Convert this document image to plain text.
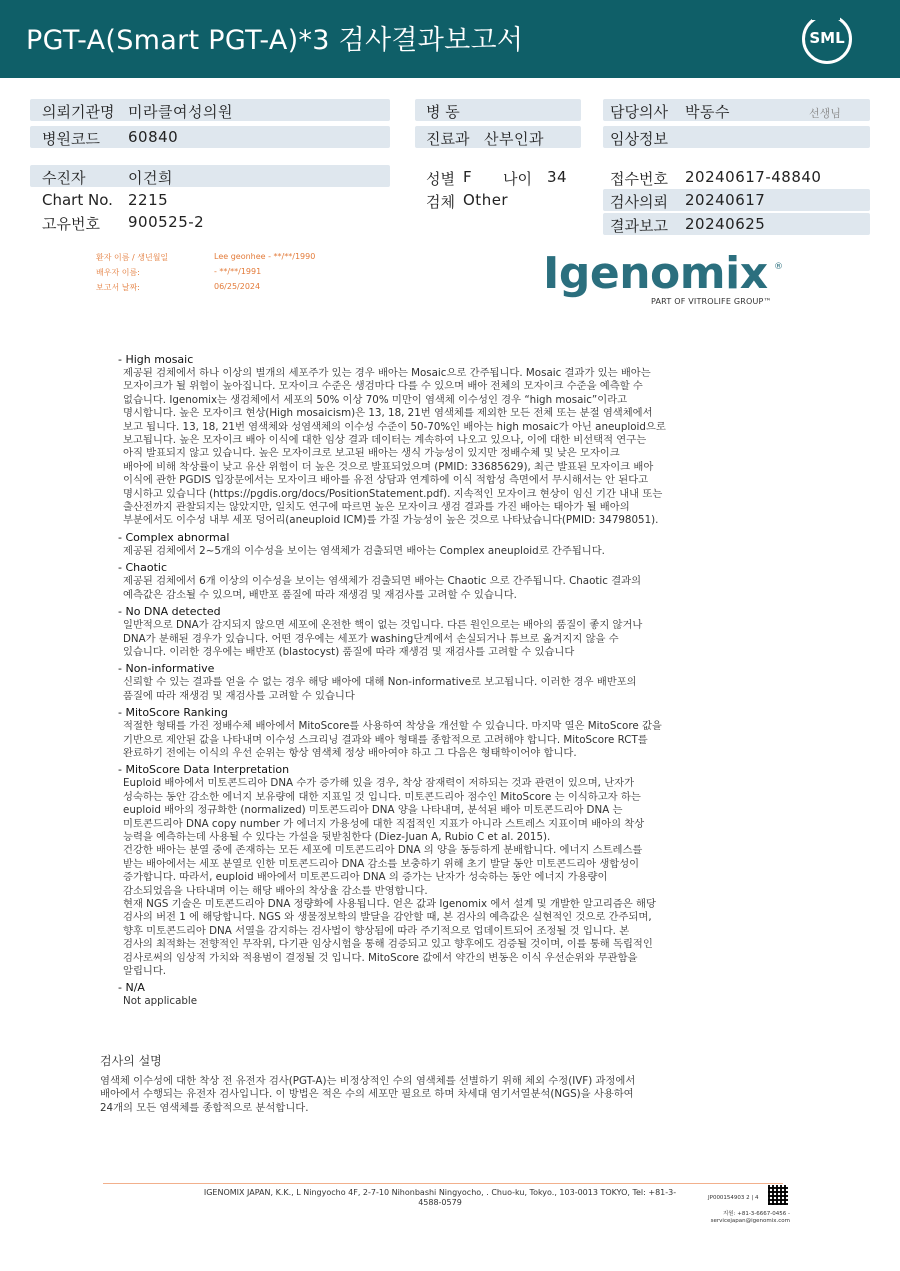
PGT-A(Smart PGT-A)*3 검사결과보고서	SML
의뢰기관명 미라클여성의원
병원코드 60840
수진자	이건희
Chart No. 2215
고유번호 900525-2
병 동
진료과 산부인과
성별 F 나이 34
검체 Other
담당의사 박동수	선생님
임상정보
접수번호 20240617-48840
검사의뢰 20240617
결과보고 20240625
환자 이름 / 생년월일	Lee geonhee - **/**/1990
배우자 이름:	- **/**/1991
보고서 날짜:	06/25/2024	Igenomix ®
PART OF VITROLIFE GROUP™
- High mosaic
제공된 검체에서 하나 이상의 별개의 세포주가 있는 경우 배아는 Mosaic으로 간주됩니다. Mosaic 결과가 있는 배아는
모자이크가 될 위험이 높아집니다. 모자이크 수준은 생검마다 다를 수 있으며 배아 전체의 모자이크 수준을 예측할 수
없습니다. Igenomix는 생검체에서 세포의 50% 이상 70% 미만이 염색체 이수성인 경우 “high mosaic”이라고
명시합니다. 높은 모자이크 현상(High mosaicism)은 13, 18, 21번 염색체를 제외한 모든 전체 또는 분절 염색체에서
보고 됩니다. 13, 18, 21번 염색체와 성염색체의 이수성 수준이 50-70%인 배아는 high mosaic가 아닌 aneuploid으로
보고됩니다. 높은 모자이크 배아 이식에 대한 임상 결과 데이터는 계속하여 나오고 있으나, 이에 대한 비선택적 연구는
아직 발표되지 않고 있습니다. 높은 모자이크로 보고된 배아는 생식 가능성이 있지만 정배수체 및 낮은 모자이크
배아에 비해 착상률이 낮고 유산 위험이 더 높은 것으로 발표되었으며 (PMID: 33685629), 최근 발표된 모자이크 배아
이식에 관한 PGDIS 입장문에서는 모자이크 배아를 유전 상담과 연계하에 이식 적합성 측면에서 무시해서는 안 된다고
명시하고 있습니다 (https://pgdis.org/docs/PositionStatement.pdf). 지속적인 모자이크 현상이 임신 기간 내내 또는
출산전까지 관찰되지는 않았지만, 일치도 연구에 따르면 높은 모자이크 생검 결과를 가진 배아는 태아가 될 배아의
부분에서도 이수성 내부 세포 덩어리(aneuploid ICM)를 가질 가능성이 높은 것으로 나타났습니다(PMID: 34798051).
- Complex abnormal
제공된 검체에서 2~5개의 이수성을 보이는 염색체가 검출되면 배아는 Complex aneuploid로 간주됩니다.
- Chaotic
제공된 검체에서 6개 이상의 이수성을 보이는 염색체가 검출되면 배아는 Chaotic 으로 간주됩니다. Chaotic 결과의
예측값은 감소될 수 있으며, 배반포 품질에 따라 재생검 및 재검사를 고려할 수 있습니다.
- No DNA detected
일반적으로 DNA가 감지되지 않으면 세포에 온전한 핵이 없는 것입니다. 다른 원인으로는 배아의 품질이 좋지 않거나
DNA가 분해된 경우가 있습니다. 어떤 경우에는 세포가 washing단계에서 손실되거나 튜브로 옮겨지지 않을 수
있습니다. 이러한 경우에는 배반포 (blastocyst) 품질에 따라 재생검 및 재검사를 고려할 수 있습니다
- Non-informative
신뢰할 수 있는 결과를 얻을 수 없는 경우 해당 배아에 대해 Non-informative로 보고됩니다. 이러한 경우 배반포의
품질에 따라 재생검 및 재검사를 고려할 수 있습니다
- MitoScore Ranking
적절한 형태를 가진 정배수체 배아에서 MitoScore를 사용하여 착상을 개선할 수 있습니다. 마지막 열은 MitoScore 값을
기반으로 제안된 값을 나타내며 이수성 스크리닝 결과와 배아 형태를 종합적으로 고려해야 합니다. MitoScore RCT를
완료하기 전에는 이식의 우선 순위는 항상 염색체 정상 배아여야 하고 그 다음은 형태학이어야 합니다.
- MitoScore Data Interpretation
Euploid 배아에서 미토콘드리아 DNA 수가 증가해 있을 경우, 착상 잠재력이 저하되는 것과 관련이 있으며, 난자가
성숙하는 동안 감소한 에너지 보유량에 대한 지표일 것 입니다. 미토콘드리아 점수인 MitoScore 는 이식하고자 하는
euploid 배아의 정규화한 (normalized) 미토콘드리아 DNA 양을 나타내며, 분석된 배아 미토콘드리아 DNA 는
미토콘드리아 DNA copy number 가 에너지 가용성에 대한 직접적인 지표가 아니라 스트레스 지표이며 배아의 착상
능력을 예측하는데 사용될 수 있다는 가설을 뒷받침한다 (Diez-Juan A, Rubio C et al. 2015).
건강한 배아는 분열 중에 존재하는 모든 세포에 미토콘드리아 DNA 의 양을 동등하게 분배합니다. 에너지 스트레스를
받는 배아에서는 세포 분열로 인한 미토콘드리아 DNA 감소를 보충하기 위해 초기 발달 동안 미토콘드리아 생합성이
증가합니다. 따라서, euploid 배아에서 미토콘드리아 DNA 의 증가는 난자가 성숙하는 동안 에너지 가용량이
감소되었음을 나타내며 이는 해당 배아의 착상율 감소를 반영합니다.
현재 NGS 기술은 미토콘드리아 DNA 정량화에 사용됩니다. 얻은 값과 Igenomix 에서 설계 및 개발한 알고리즘은 해당
검사의 버전 1 에 해당합니다. NGS 와 생물정보학의 발달을 감안할 때, 본 검사의 예측값은 실현적인 것으로 간주되며,
향후 미토콘드리아 DNA 서열을 감지하는 검사법이 향상됨에 따라 주기적으로 업데이트되어 조정될 것 입니다. 본
검사의 최적화는 전향적인 무작위, 다기관 임상시험을 통해 검증되고 있고 향후에도 검증될 것이며, 이를 통해 독립적인
검사로써의 임상적 가치와 적용범이 결정될 것 입니다. MitoScore 값에서 약간의 변동은 이식 우선순위와 무관함을
알립니다.
- N/A
Not applicable
검사의 설명
염색체 이수성에 대한 착상 전 유전자 검사(PGT-A)는 비정상적인 수의 염색체를 선별하기 위해 체외 수정(IVF) 과정에서
배아에서 수행되는 유전자 검사입니다. 이 방법은 적은 수의 세포만 필요로 하며 차세대 염기서열분석(NGS)을 사용하여
24개의 모든 염색체를 종합적으로 분석합니다.
IGENOMIX JAPAN, K.K., L Ningyocho 4F, 2-7-10 Nihonbashi Ningyocho, . Chuo-ku, Tokyo., 103-0013 TOKYO, Tel: +81-3-4588-0579	JP000154903 2 | 4
지원: +81-3-6667-0456 -
servicejapan@igenomix.com
